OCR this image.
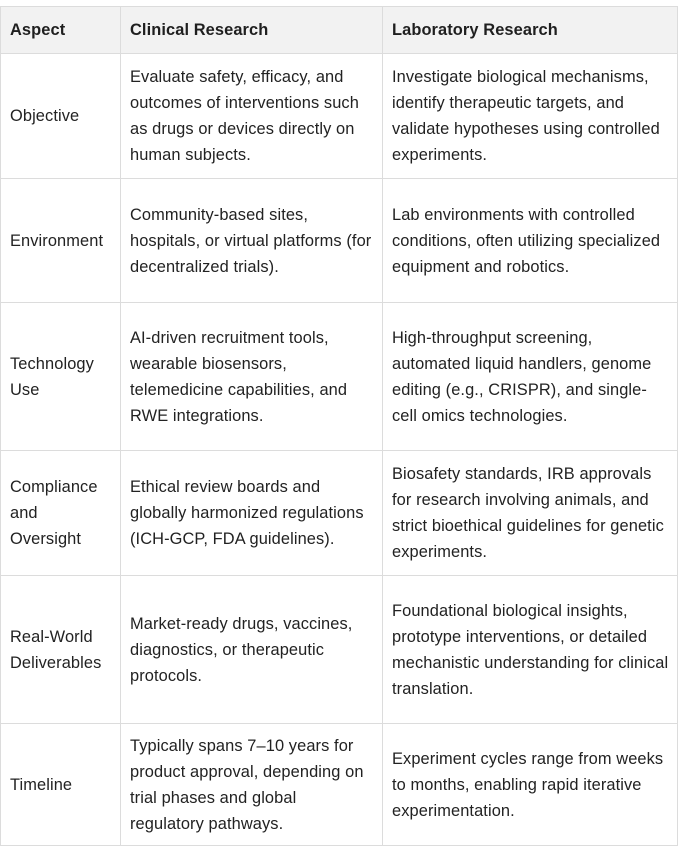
Aspect	Clinical Research	Laboratory Research
Objective	Evaluate safety, efficacy, and outcomes of interventions such as drugs or devices directly on human subjects.	Investigate biological mechanisms, identify therapeutic targets, and validate hypotheses using controlled experiments.
Environment	Community-based sites, hospitals, or virtual platforms (for decentralized trials).	Lab environments with controlled conditions, often utilizing specialized equipment and robotics.
Technology Use	AI-driven recruitment tools, wearable biosensors, telemedicine capabilities, and RWE integrations.	High-throughput screening, automated liquid handlers, genome editing (e.g., CRISPR), and single-cell omics technologies.
Compliance and Oversight	Ethical review boards and globally harmonized regulations (ICH-GCP, FDA guidelines).	Biosafety standards, IRB approvals for research involving animals, and strict bioethical guidelines for genetic experiments.
Real-World Deliverables	Market-ready drugs, vaccines, diagnostics, or therapeutic protocols.	Foundational biological insights, prototype interventions, or detailed mechanistic understanding for clinical translation.
Timeline	Typically spans 7–10 years for product approval, depending on trial phases and global regulatory pathways.	Experiment cycles range from weeks to months, enabling rapid iterative experimentation.
